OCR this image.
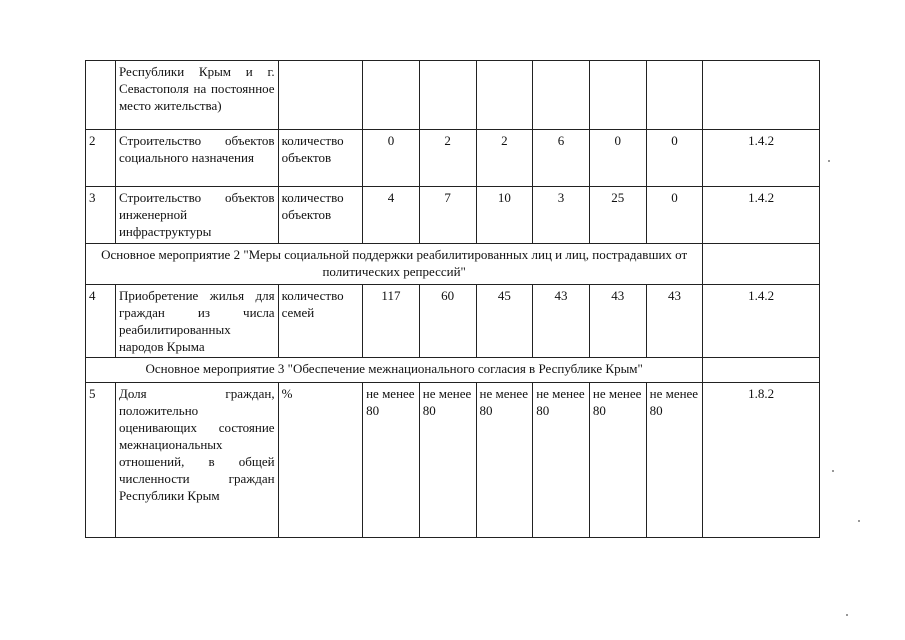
	Республики Крым и г. Севастополя на постоянное место жительства)								
2	Строительство объектов социального назначения	количество объектов	0	2	2	6	0	0	1.4.2
3	Строительство объектов инженерной инфраструктуры	количество объектов	4	7	10	3	25	0	1.4.2
Основное мероприятие 2 "Меры социальной поддержки реабилитированных лиц и лиц, пострадавших от политических репрессий"									
4	Приобретение жилья для граждан из числа реабилитированных народов Крыма	количество семей	117	60	45	43	43	43	1.4.2
Основное мероприятие 3 "Обеспечение межнационального согласия в Республике Крым"									
5	Доля граждан, положительно оценивающих состояние межнациональных отношений, в общей численности граждан Республики Крым	%	не менее 80	не менее 80	не менее 80	не менее 80	не менее 80	не менее 80	1.8.2
